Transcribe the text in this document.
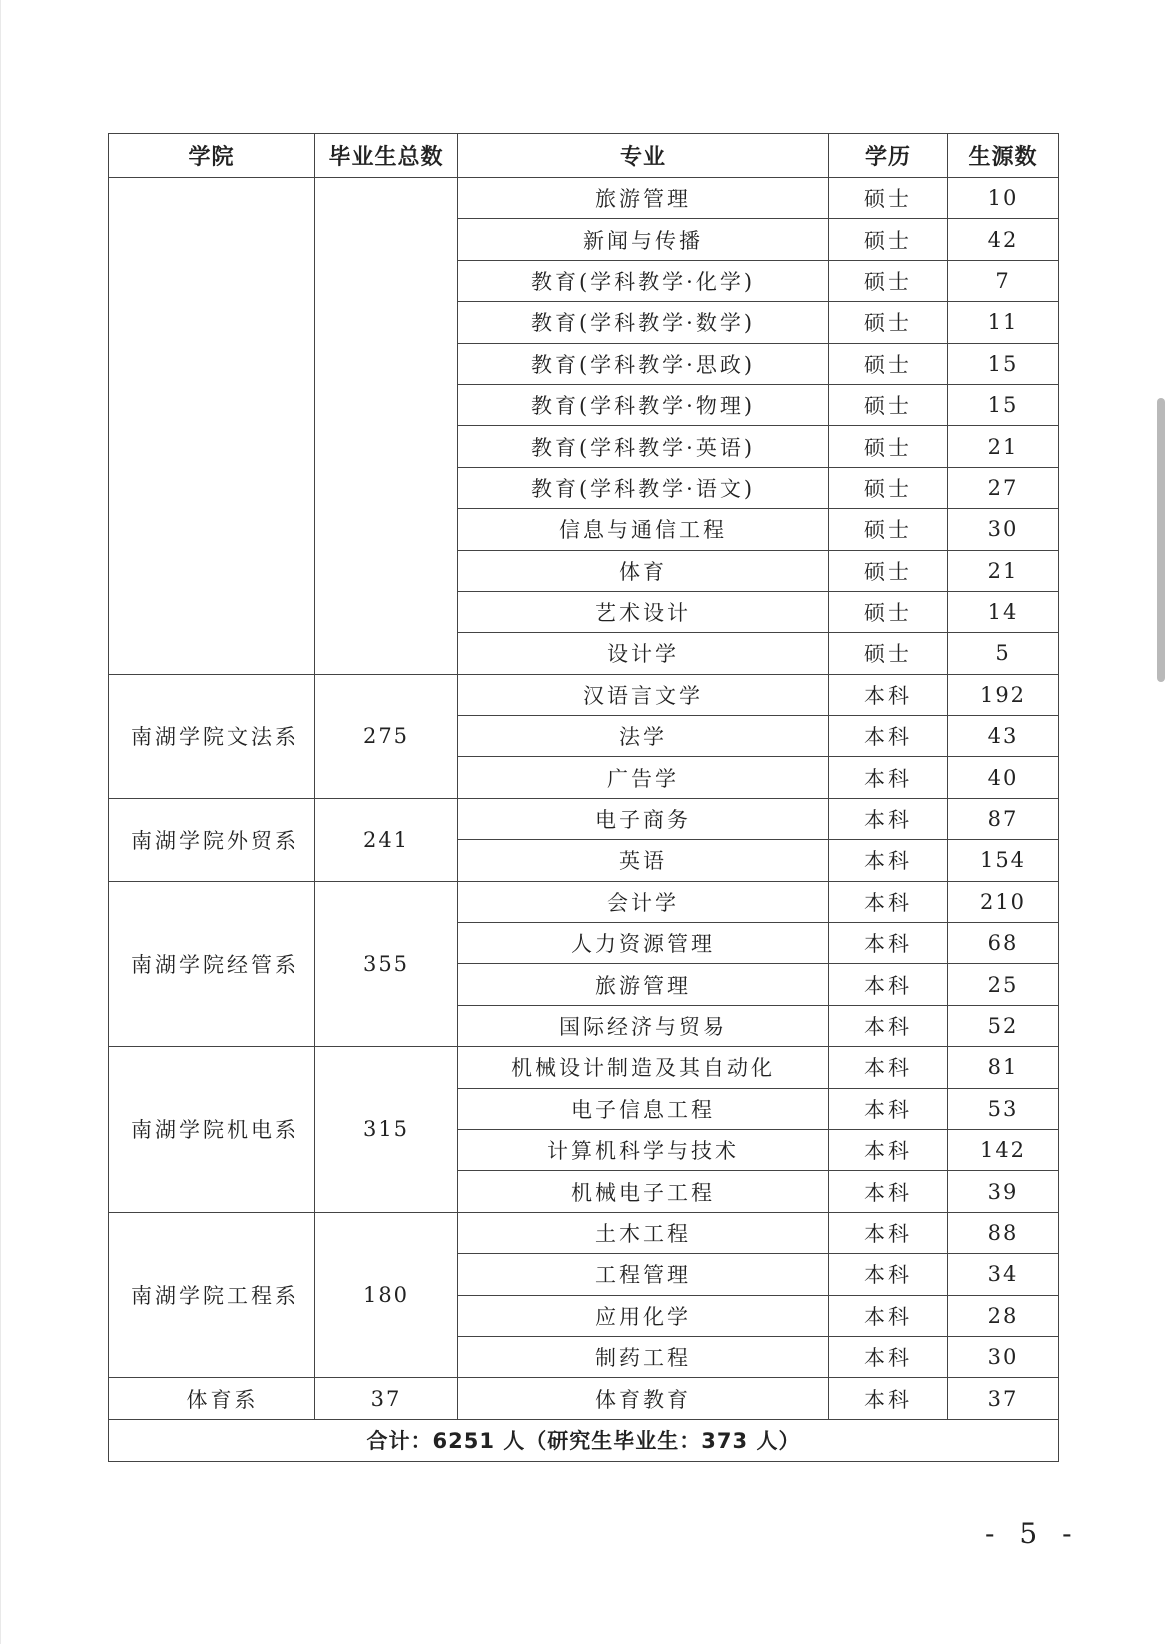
学院	毕业生总数	专业	学历	生源数
		旅游管理	硕士	10
		新闻与传播	硕士	42
		教育(学科教学·化学)	硕士	7
		教育(学科教学·数学)	硕士	11
		教育(学科教学·思政)	硕士	15
		教育(学科教学·物理)	硕士	15
		教育(学科教学·英语)	硕士	21
		教育(学科教学·语文)	硕士	27
		信息与通信工程	硕士	30
		体育	硕士	21
		艺术设计	硕士	14
		设计学	硕士	5
南湖学院文法系	275	汉语言文学	本科	192
		法学	本科	43
		广告学	本科	40
南湖学院外贸系	241	电子商务	本科	87
		英语	本科	154
南湖学院经管系	355	会计学	本科	210
		人力资源管理	本科	68
		旅游管理	本科	25
		国际经济与贸易	本科	52
南湖学院机电系	315	机械设计制造及其自动化	本科	81
		电子信息工程	本科	53
		计算机科学与技术	本科	142
		机械电子工程	本科	39
南湖学院工程系	180	土木工程	本科	88
		工程管理	本科	34
		应用化学	本科	28
		制药工程	本科	30
体育系	37	体育教育	本科	37
合计：6251 人（研究生毕业生：373 人）				
- 5 -
